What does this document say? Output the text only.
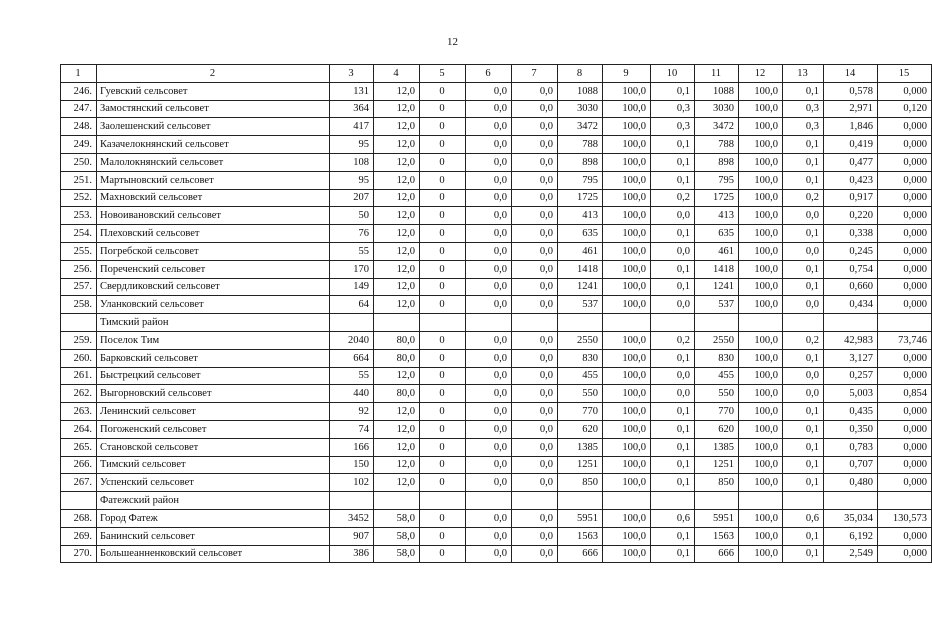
12
1	2	3	4	5	6	7	8	9	10	11	12	13	14	15
246.	Гуевский сельсовет	131	12,0	0	0,0	0,0	1088	100,0	0,1	1088	100,0	0,1	0,578	0,000
247.	Замостянский сельсовет	364	12,0	0	0,0	0,0	3030	100,0	0,3	3030	100,0	0,3	2,971	0,120
248.	Заолешенский сельсовет	417	12,0	0	0,0	0,0	3472	100,0	0,3	3472	100,0	0,3	1,846	0,000
249.	Казачелокнянский сельсовет	95	12,0	0	0,0	0,0	788	100,0	0,1	788	100,0	0,1	0,419	0,000
250.	Малолокнянский сельсовет	108	12,0	0	0,0	0,0	898	100,0	0,1	898	100,0	0,1	0,477	0,000
251.	Мартыновский сельсовет	95	12,0	0	0,0	0,0	795	100,0	0,1	795	100,0	0,1	0,423	0,000
252.	Махновский сельсовет	207	12,0	0	0,0	0,0	1725	100,0	0,2	1725	100,0	0,2	0,917	0,000
253.	Новоивановский сельсовет	50	12,0	0	0,0	0,0	413	100,0	0,0	413	100,0	0,0	0,220	0,000
254.	Плеховский сельсовет	76	12,0	0	0,0	0,0	635	100,0	0,1	635	100,0	0,1	0,338	0,000
255.	Погребской сельсовет	55	12,0	0	0,0	0,0	461	100,0	0,0	461	100,0	0,0	0,245	0,000
256.	Пореченский сельсовет	170	12,0	0	0,0	0,0	1418	100,0	0,1	1418	100,0	0,1	0,754	0,000
257.	Свердликовский сельсовет	149	12,0	0	0,0	0,0	1241	100,0	0,1	1241	100,0	0,1	0,660	0,000
258.	Уланковский сельсовет	64	12,0	0	0,0	0,0	537	100,0	0,0	537	100,0	0,0	0,434	0,000
	Тимский район													
259.	Поселок Тим	2040	80,0	0	0,0	0,0	2550	100,0	0,2	2550	100,0	0,2	42,983	73,746
260.	Барковский сельсовет	664	80,0	0	0,0	0,0	830	100,0	0,1	830	100,0	0,1	3,127	0,000
261.	Быстрецкий сельсовет	55	12,0	0	0,0	0,0	455	100,0	0,0	455	100,0	0,0	0,257	0,000
262.	Выгорновский сельсовет	440	80,0	0	0,0	0,0	550	100,0	0,0	550	100,0	0,0	5,003	0,854
263.	Ленинский сельсовет	92	12,0	0	0,0	0,0	770	100,0	0,1	770	100,0	0,1	0,435	0,000
264.	Погоженский сельсовет	74	12,0	0	0,0	0,0	620	100,0	0,1	620	100,0	0,1	0,350	0,000
265.	Становской сельсовет	166	12,0	0	0,0	0,0	1385	100,0	0,1	1385	100,0	0,1	0,783	0,000
266.	Тимский сельсовет	150	12,0	0	0,0	0,0	1251	100,0	0,1	1251	100,0	0,1	0,707	0,000
267.	Успенский сельсовет	102	12,0	0	0,0	0,0	850	100,0	0,1	850	100,0	0,1	0,480	0,000
	Фатежский район													
268.	Город Фатеж	3452	58,0	0	0,0	0,0	5951	100,0	0,6	5951	100,0	0,6	35,034	130,573
269.	Банинский сельсовет	907	58,0	0	0,0	0,0	1563	100,0	0,1	1563	100,0	0,1	6,192	0,000
270.	Большеанненковский сельсовет	386	58,0	0	0,0	0,0	666	100,0	0,1	666	100,0	0,1	2,549	0,000
